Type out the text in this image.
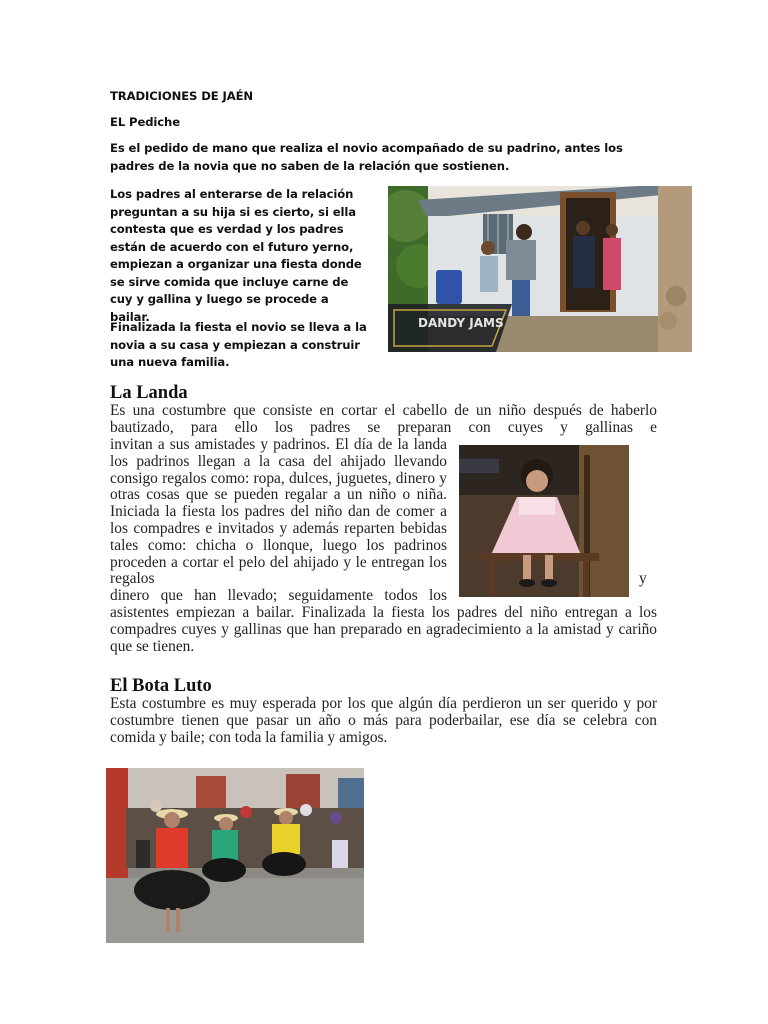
TRADICIONES DE JAÉN
EL Pediche
Es el pedido de mano que realiza el novio acompañado de su padrino, antes los padres de la novia que no saben de la relación que sostienen.
Los padres al enterarse de la relación preguntan a su hija si es cierto, si ella contesta que es verdad y los padres están de acuerdo con el futuro yerno, empiezan a organizar una fiesta donde se sirve comida que incluye carne de cuy y gallina y luego se procede a bailar.
Finalizada la fiesta el novio se lleva a la novia a su casa y empiezan a construir una nueva familia.
DANDY JAMS
La Landa
Es una costumbre que consiste en cortar el cabello de un niño después de haberlo bautizado, para ello los padres se preparan con cuyes y gallinas e
invitan a sus amistades y padrinos. El día de la landa los padrinos llegan a la casa del ahijado llevando consigo regalos como: ropa, dulces, juguetes, dinero y otras cosas que se pueden regalar a un niño o niña. Iniciada la fiesta los padres del niño dan de comer a los compadres e invitados y además reparten bebidas tales como: chicha o llonque, luego los padrinos proceden a cortar el pelo del ahijado y le entregan los regalos	y
dinero que han llevado; seguidamente todos los
asistentes empiezan a bailar. Finalizada la fiesta los padres del niño entregan a los compadres cuyes y gallinas que han preparado en agradecimiento a la amistad y cariño que se tienen.
El Bota Luto
Esta costumbre es muy esperada por los que algún día perdieron un ser querido y por costumbre tienen que pasar un año o más para poderbailar, ese día se celebra con comida y baile; con toda la familia y amigos.
